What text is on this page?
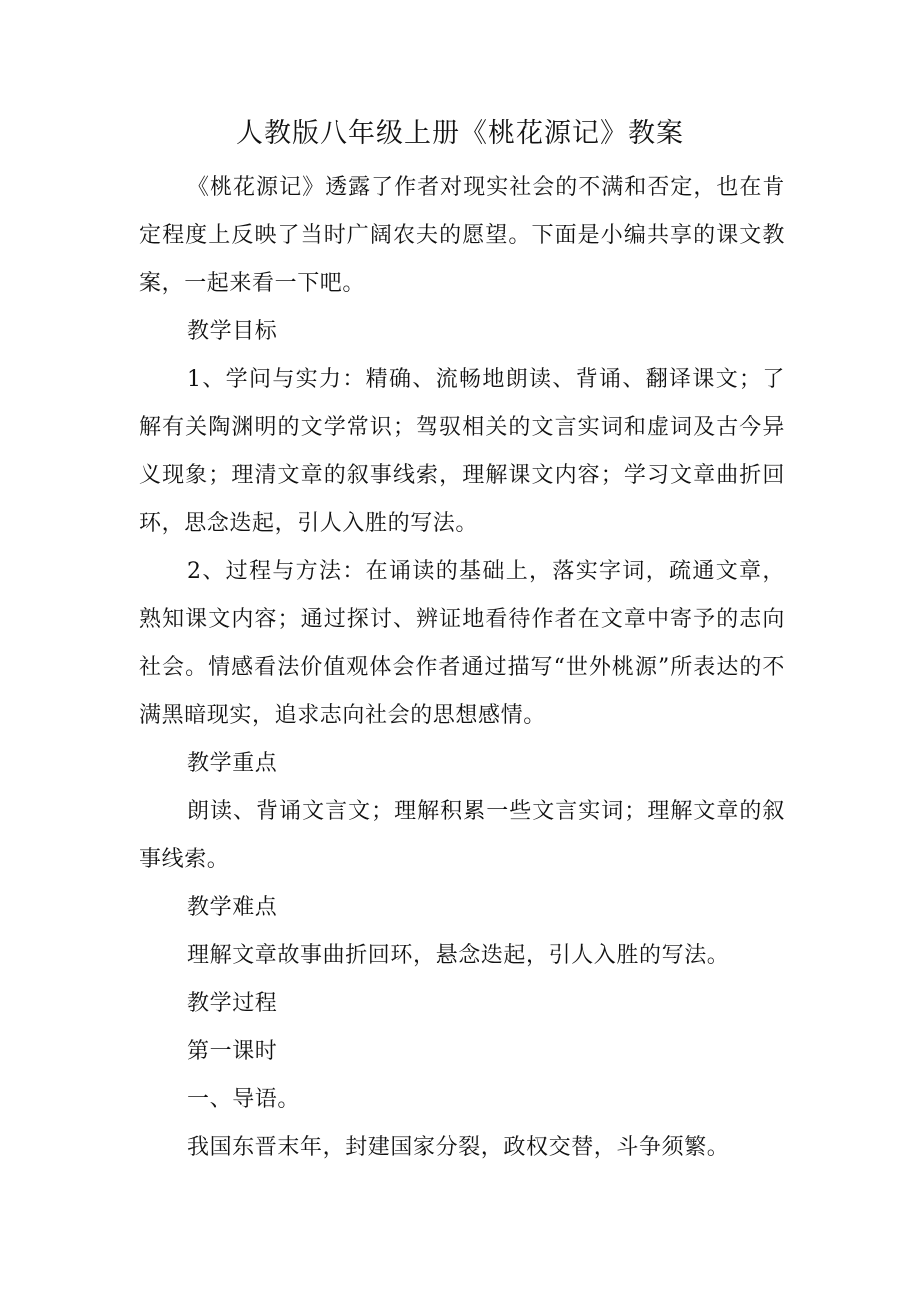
人教版八年级上册《桃花源记》教案

《桃花源记》透露了作者对现实社会的不满和否定，也在肯定程度上反映了当时广阔农夫的愿望。下面是小编共享的课文教案，一起来看一下吧。

教学目标

1、学问与实力：精确、流畅地朗读、背诵、翻译课文；了解有关陶渊明的文学常识；驾驭相关的文言实词和虚词及古今异义现象；理清文章的叙事线索，理解课文内容；学习文章曲折回环，思念迭起，引人入胜的写法。

2、过程与方法：在诵读的基础上，落实字词，疏通文章，熟知课文内容；通过探讨、辨证地看待作者在文章中寄予的志向社会。情感看法价值观体会作者通过描写“世外桃源”所表达的不满黑暗现实，追求志向社会的思想感情。

教学重点

朗读、背诵文言文；理解积累一些文言实词；理解文章的叙事线索。

教学难点

理解文章故事曲折回环，悬念迭起，引人入胜的写法。

教学过程

第一课时

一、导语。

我国东晋末年，封建国家分裂，政权交替，斗争须繁。
